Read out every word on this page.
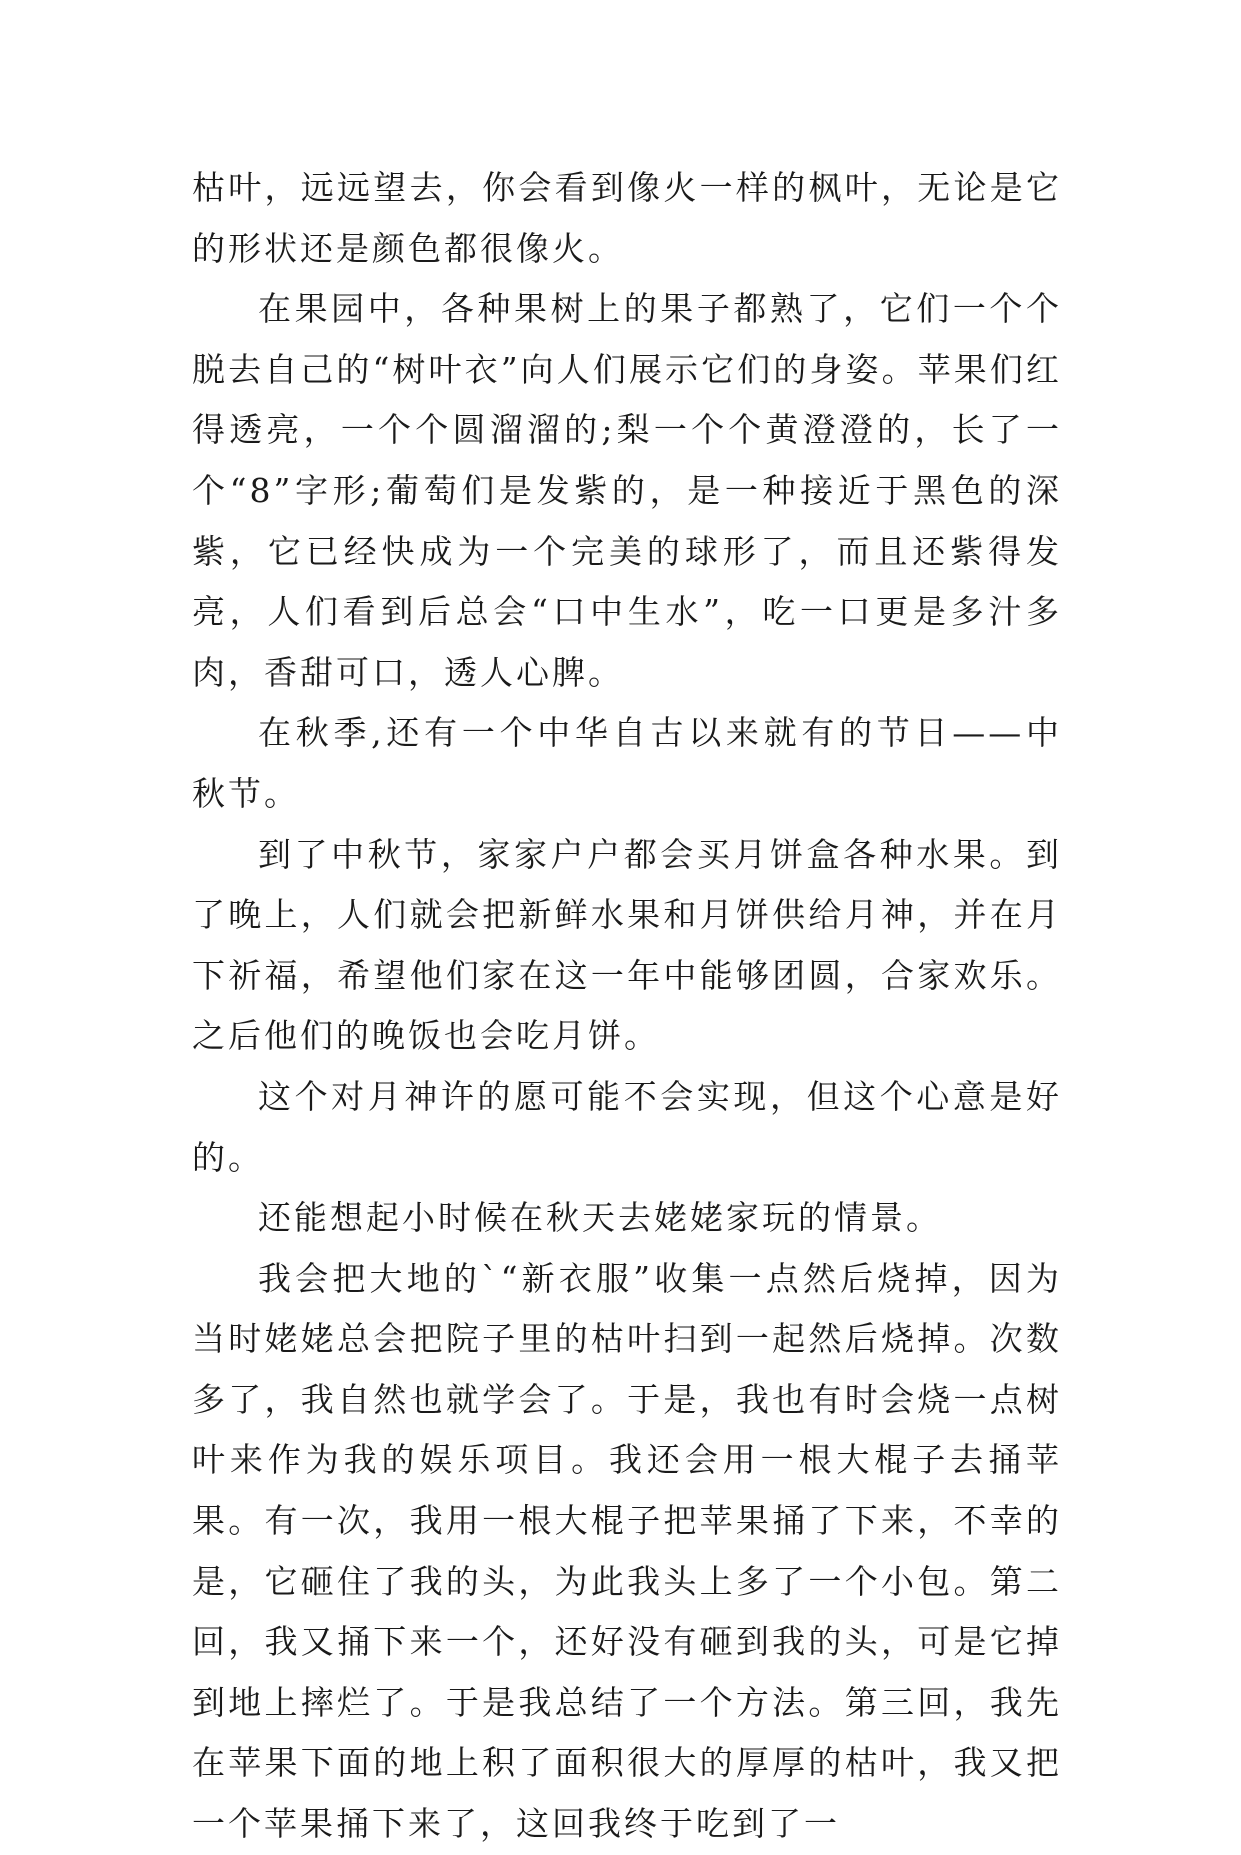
枯叶，远远望去，你会看到像火一样的枫叶，无论是它的形状还是颜色都很像火。

在果园中，各种果树上的果子都熟了，它们一个个脱去自己的“树叶衣”向人们展示它们的身姿。苹果们红得透亮，一个个圆溜溜的;梨一个个黄澄澄的，长了一个“8”字形;葡萄们是发紫的，是一种接近于黑色的深紫，它已经快成为一个完美的球形了，而且还紫得发亮，人们看到后总会“口中生水”，吃一口更是多汁多肉，香甜可口，透人心脾。

在秋季,还有一个中华自古以来就有的节日——中秋节。

到了中秋节，家家户户都会买月饼盒各种水果。到了晚上，人们就会把新鲜水果和月饼供给月神，并在月下祈福，希望他们家在这一年中能够团圆，合家欢乐。之后他们的晚饭也会吃月饼。

这个对月神许的愿可能不会实现，但这个心意是好的。

还能想起小时候在秋天去姥姥家玩的情景。

我会把大地的`“新衣服”收集一点然后烧掉，因为当时姥姥总会把院子里的枯叶扫到一起然后烧掉。次数多了，我自然也就学会了。于是，我也有时会烧一点树叶来作为我的娱乐项目。我还会用一根大棍子去捅苹果。有一次，我用一根大棍子把苹果捅了下来，不幸的是，它砸住了我的头，为此我头上多了一个小包。第二回，我又捅下来一个，还好没有砸到我的头，可是它掉到地上摔烂了。于是我总结了一个方法。第三回，我先在苹果下面的地上积了面积很大的厚厚的枯叶，我又把一个苹果捅下来了，这回我终于吃到了一
